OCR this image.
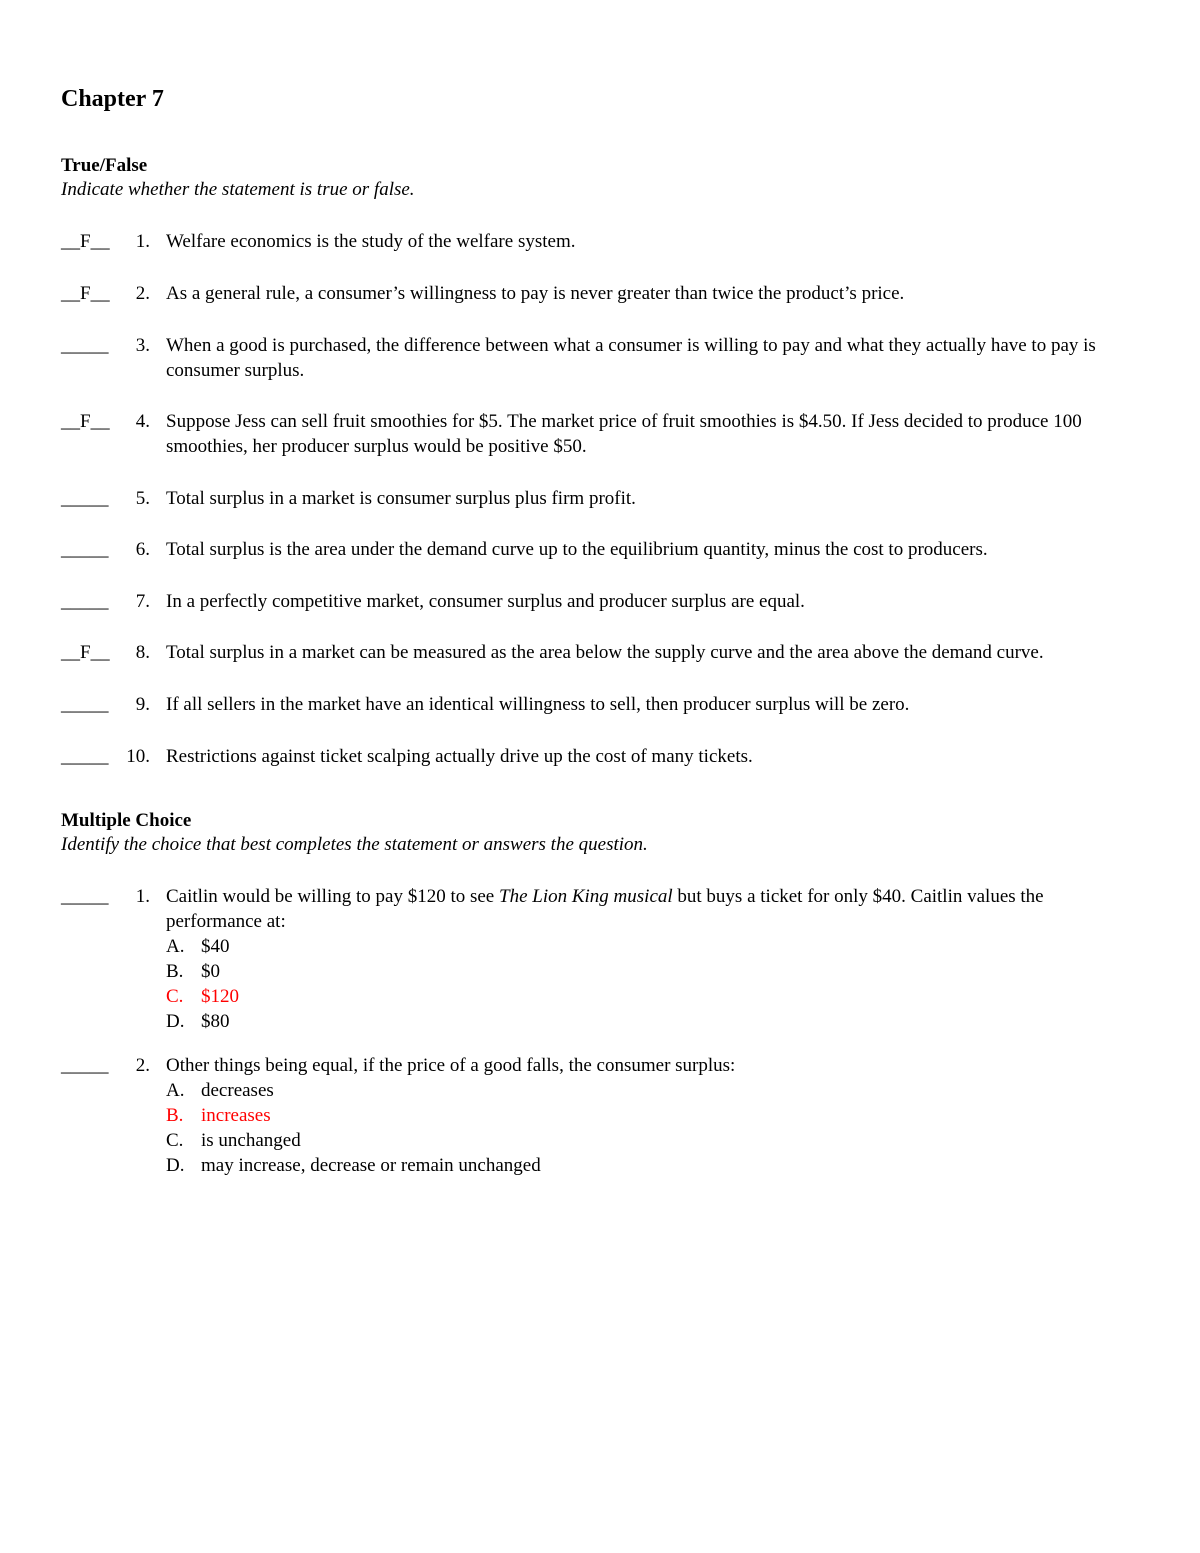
Chapter 7
True/False
Indicate whether the statement is true or false.
__F__	1. Welfare economics is the study of the welfare system.
__F__	2. As a general rule, a consumer’s willingness to pay is never greater than twice the product’s price.
_____	3. When a good is purchased, the difference between what a consumer is willing to pay and what they actually have to pay is consumer surplus.
__F__	4. Suppose Jess can sell fruit smoothies for $5. The market price of fruit smoothies is $4.50. If Jess decided to produce 100 smoothies, her producer surplus would be positive $50.
_____	5. Total surplus in a market is consumer surplus plus firm profit.
_____	6. Total surplus is the area under the demand curve up to the equilibrium quantity, minus the cost to producers.
_____	7. In a perfectly competitive market, consumer surplus and producer surplus are equal.
__F__	8. Total surplus in a market can be measured as the area below the supply curve and the area above the demand curve.
_____	9. If all sellers in the market have an identical willingness to sell, then producer surplus will be zero.
_____ 10. Restrictions against ticket scalping actually drive up the cost of many tickets.
Multiple Choice
Identify the choice that best completes the statement or answers the question.
_____	1. Caitlin would be willing to pay $120 to see The Lion King musical but buys a ticket for only $40. Caitlin values the performance at:
A. $40
B. $0
C. $120
D. $80
_____	2. Other things being equal, if the price of a good falls, the consumer surplus:
A. decreases
B. increases
C. is unchanged
D. may increase, decrease or remain unchanged
